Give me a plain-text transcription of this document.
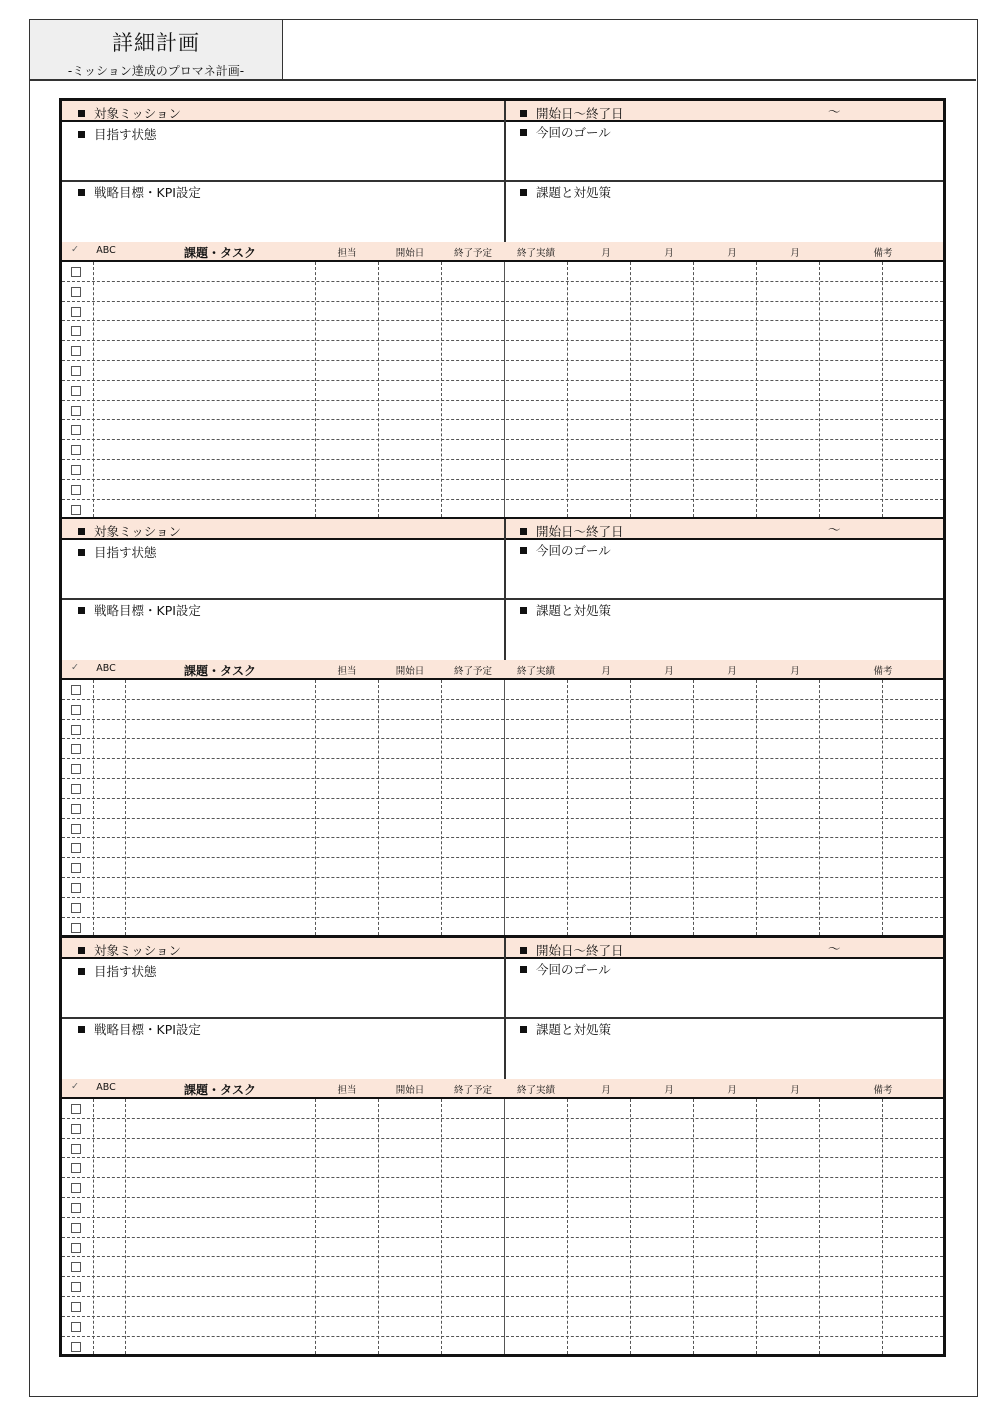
詳細計画
-ミッション達成のプロマネ計画-
対象ミッション	開始日～終了日	～
目指す状態	今回のゴール
戦略目標・KPI設定	課題と対処策
✓	ABC	課題・タスク	担当	開始日	終了予定	終了実績	月	月	月	月	備考
対象ミッション	開始日～終了日	～
目指す状態	今回のゴール
戦略目標・KPI設定	課題と対処策
✓	ABC	課題・タスク	担当	開始日	終了予定	終了実績	月	月	月	月	備考
対象ミッション	開始日～終了日	～
目指す状態	今回のゴール
戦略目標・KPI設定	課題と対処策
✓	ABC	課題・タスク	担当	開始日	終了予定	終了実績	月	月	月	月	備考
